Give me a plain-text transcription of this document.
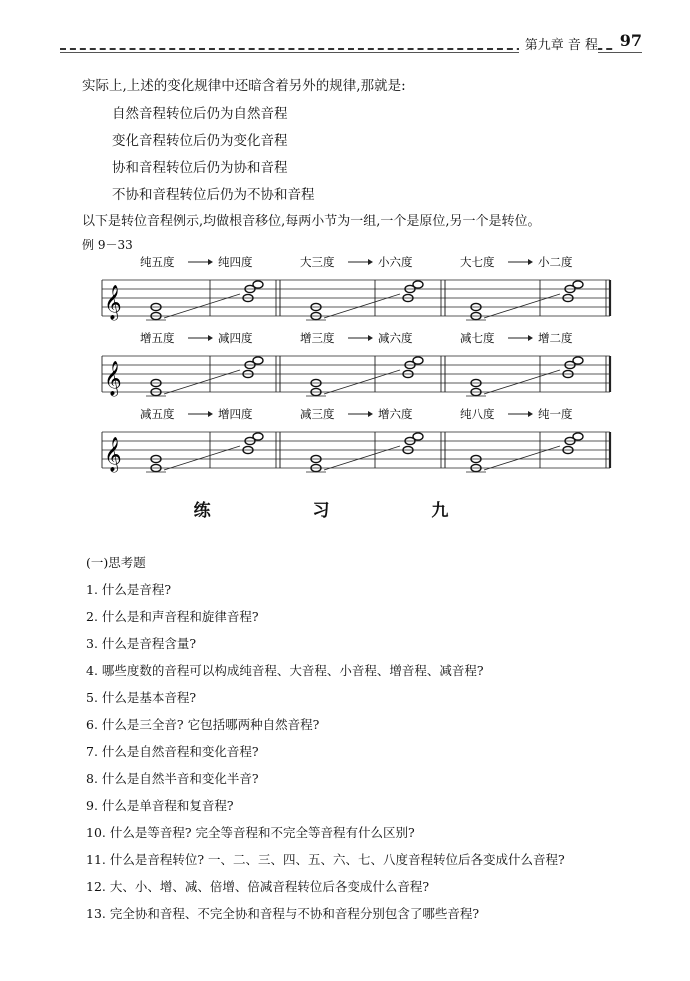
第九章 音 程	97
实际上,上述的变化规律中还暗含着另外的规律,那就是:
自然音程转位后仍为自然音程
变化音程转位后仍为变化音程
协和音程转位后仍为协和音程
不协和音程转位后仍为不协和音程
以下是转位音程例示,均做根音移位,每两小节为一组,一个是原位,另一个是转位。
例 9－33
𝄞
纯五度	纯四度	大三度	小六度	大七度	小二度
𝄞
增五度	减四度	增三度	减六度	减七度	增二度
𝄞
减五度	增四度	减三度	增六度	纯八度	纯一度
练 习 九
(一)思考题
1. 什么是音程?
2. 什么是和声音程和旋律音程?
3. 什么是音程含量?
4. 哪些度数的音程可以构成纯音程、大音程、小音程、增音程、减音程?
5. 什么是基本音程?
6. 什么是三全音? 它包括哪两种自然音程?
7. 什么是自然音程和变化音程?
8. 什么是自然半音和变化半音?
9. 什么是单音程和复音程?
10. 什么是等音程? 完全等音程和不完全等音程有什么区别?
11. 什么是音程转位? 一、二、三、四、五、六、七、八度音程转位后各变成什么音程?
12. 大、小、增、减、倍增、倍减音程转位后各变成什么音程?
13. 完全协和音程、不完全协和音程与不协和音程分别包含了哪些音程?
